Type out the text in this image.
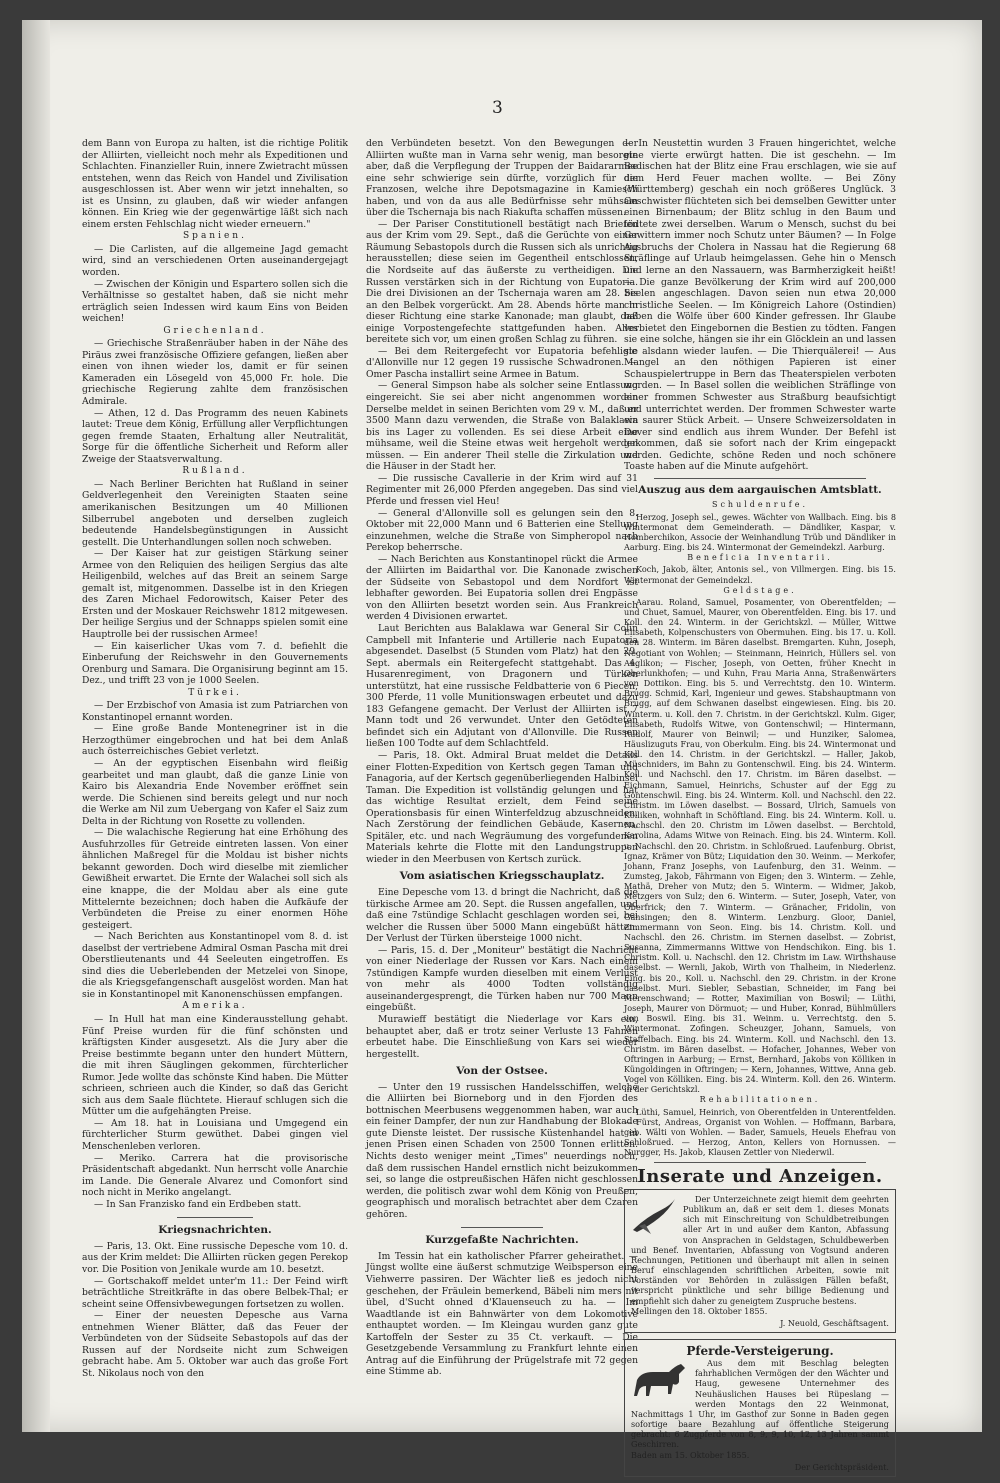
3

dem Bann von Europa zu halten, ist die richtige Politik der Alliirten, vielleicht noch mehr als Expeditionen und Schlachten. Finanzieller Ruin, innere Zwietracht müssen entstehen, wenn das Reich von Handel und Zivilisation ausgeschlossen ist. Aber wenn wir jetzt innehalten, so ist es Unsinn, zu glauben, daß wir wieder anfangen können. Ein Krieg wie der gegenwärtige läßt sich nach einem ersten Fehlschlag nicht wieder erneuern."

Spanien.

— Die Carlisten, auf die allgemeine Jagd gemacht wird, sind an verschiedenen Orten auseinandergejagt worden.

— Zwischen der Königin und Espartero sollen sich die Verhältnisse so gestaltet haben, daß sie nicht mehr erträglich seien Indessen wird kaum Eins von Beiden weichen!

Griechenland.

— Griechische Straßenräuber haben in der Nähe des Piräus zwei französische Offiziere gefangen, ließen aber einen von ihnen wieder los, damit er für seinen Kameraden ein Lösegeld von 45,000 Fr. hole. Die griechische Regierung zahlte dem französischen Admirale.

— Athen, 12 d. Das Programm des neuen Kabinets lautet: Treue dem König, Erfüllung aller Verpflichtungen gegen fremde Staaten, Erhaltung aller Neutralität, Sorge für die öffentliche Sicherheit und Reform aller Zweige der Staatsverwaltung.

Rußland.

— Nach Berliner Berichten hat Rußland in seiner Geldverlegenheit den Vereinigten Staaten seine amerikanischen Besitzungen um 40 Millionen Silberrubel angeboten und derselben zugleich bedeutende Handelsbegünstigungen in Aussicht gestellt. Die Unterhandlungen sollen noch schweben.

— Der Kaiser hat zur geistigen Stärkung seiner Armee von den Reliquien des heiligen Sergius das alte Heiligenbild, welches auf das Breit an seinem Sarge gemalt ist, mitgenommen. Dasselbe ist in den Kriegen des Zaren Michael Fedorowitsch, Kaiser Peter des Ersten und der Moskauer Reichswehr 1812 mitgewesen. Der heilige Sergius und der Schnapps spielen somit eine Hauptrolle bei der russischen Armee!

— Ein kaiserlicher Ukas vom 7. d. befiehlt die Einberufung der Reichswehr in den Gouvernements Orenburg und Samara. Die Organisirung beginnt am 15. Dez., und trifft 23 von je 1000 Seelen.

Türkei.

— Der Erzbischof von Amasia ist zum Patriarchen von Konstantinopel ernannt worden.

— Eine große Bande Montenegriner ist in die Herzogthümer eingebrochen und hat bei dem Anlaß auch österreichisches Gebiet verletzt.

— An der egyptischen Eisenbahn wird fleißig gearbeitet und man glaubt, daß die ganze Linie von Kairo bis Alexandria Ende November eröffnet sein werde. Die Schienen sind bereits gelegt und nur noch die Werke am Nil zum Uebergang von Kafer el Saiz zum Delta in der Richtung von Rosette zu vollenden.

— Die walachische Regierung hat eine Erhöhung des Ausfuhrzolles für Getreide eintreten lassen. Von einer ähnlichen Maßregel für die Moldau ist bisher nichts bekannt geworden. Doch wird dieselbe mit ziemlicher Gewißheit erwartet. Die Ernte der Walachei soll sich als eine knappe, die der Moldau aber als eine gute Mittelernte bezeichnen; doch haben die Aufkäufe der Verbündeten die Preise zu einer enormen Höhe gesteigert.

— Nach Berichten aus Konstantinopel vom 8. d. ist daselbst der vertriebene Admiral Osman Pascha mit drei Oberstlieutenants und 44 Seeleuten eingetroffen. Es sind dies die Ueberlebenden der Metzelei von Sinope, die als Kriegsgefangenschaft ausgelöst worden. Man hat sie in Konstantinopel mit Kanonenschüssen empfangen.

Amerika.

— In Hull hat man eine Kinderausstellung gehabt. Fünf Preise wurden für die fünf schönsten und kräftigsten Kinder ausgesetzt. Als die Jury aber die Preise bestimmte begann unter den hundert Müttern, die mit ihren Säuglingen gekommen, fürchterlicher Rumor. Jede wollte das schönste Kind haben. Die Mütter schrieen, schrieen auch die Kinder, so daß das Gericht sich aus dem Saale flüchtete. Hierauf schlugen sich die Mütter um die aufgehängten Preise.

— Am 18. hat in Louisiana und Umgegend ein fürchterlicher Sturm gewüthet. Dabei gingen viel Menschenleben verloren.

— Meriko. Carrera hat die provisorische Präsidentschaft abgedankt. Nun herrscht volle Anarchie im Lande. Die Generale Alvarez und Comonfort sind noch nicht in Meriko angelangt.

— In San Franzisko fand ein Erdbeben statt.

Kriegsnachrichten.

— Paris, 13. Okt. Eine russische Depesche vom 10. d. aus der Krim meldet: Die Alliirten rücken gegen Perekop vor. Die Position von Jenikale wurde am 10. besetzt.

— Gortschakoff meldet unter'm 11.: Der Feind wirft beträchtliche Streitkräfte in das obere Belbek-Thal; er scheint seine Offensivbewegungen fortsetzen zu wollen.

— Einer der neuesten Depesche aus Varna entnehmen Wiener Blätter, daß das Feuer der Verbündeten von der Südseite Sebastopols auf das der Russen auf der Nordseite nicht zum Schweigen gebracht habe. Am 5. Oktober war auch das große Fort St. Nikolaus noch von den

den Verbündeten besetzt. Von den Bewegungen der Alliirten wußte man in Varna sehr wenig, man besorgte aber, daß die Verpflegung der Truppen der Baidararmee eine sehr schwierige sein dürfte, vorzüglich für die Franzosen, welche ihre Depotsmagazine in Kamiesch haben, und von da aus alle Bedürfnisse sehr mühsam über die Tschernaja bis nach Riakufta schaffen müssen.

— Der Pariser Constitutionell bestätigt nach Briefen aus der Krim vom 29. Sept., daß die Gerüchte von einer Räumung Sebastopols durch die Russen sich als unrichtig herausstellen; diese seien im Gegentheil entschlossen, die Nordseite auf das äußerste zu vertheidigen. Die Russen verstärken sich in der Richtung von Eupatoria. Die drei Divisionen an der Tschernaja waren am 28. bis an den Belbek vorgerückt. Am 28. Abends hörte man in dieser Richtung eine starke Kanonade; man glaubt, daß einige Vorpostengefechte stattgefunden haben. Alles bereitete sich vor, um einen großen Schlag zu führen.

— Bei dem Reitergefecht vor Eupatoria befehligte d'Allonville nur 12 gegen 19 russische Schwadronen. — Omer Pascha installirt seine Armee in Batum.

— General Simpson habe als solcher seine Entlassung eingereicht. Sie sei aber nicht angenommen worden Derselbe meldet in seinen Berichten vom 29 v. M., daß er 3500 Mann dazu verwenden, die Straße von Balaklawa bis ins Lager zu vollenden. Es sei diese Arbeit eine mühsame, weil die Steine etwas weit hergeholt werden müssen. — Ein anderer Theil stelle die Zirkulation und die Häuser in der Stadt her.

— Die russische Cavallerie in der Krim wird auf 31 Regimenter mit 26,000 Pferden angegeben. Das sind viel Pferde und fressen viel Heu!

— General d'Allonville soll es gelungen sein den 8. Oktober mit 22,000 Mann und 6 Batterien eine Stellung einzunehmen, welche die Straße von Simpheropol nach Perekop beherrsche.

— Nach Berichten aus Konstantinopel rückt die Armee der Alliirten im Baidarthal vor. Die Kanonade zwischen der Südseite von Sebastopol und dem Nordfort ist lebhafter geworden. Bei Eupatoria sollen drei Engpässe von den Alliirten besetzt worden sein. Aus Frankreich werden 4 Divisionen erwartet.

Laut Berichten aus Balaklawa war General Sir Colin Campbell mit Infanterie und Artillerie nach Eupatoria abgesendet. Daselbst (5 Stunden vom Platz) hat den 29. Sept. abermals ein Reitergefecht stattgehabt. Das 4. Husarenregiment, von Dragonern und Türken unterstützt, hat eine russische Feldbatterie von 6 Piecen, 300 Pferde, 11 volle Munitionswagen erbeutet und dazu 183 Gefangene gemacht. Der Verlust der Alliirten ist 7 Mann todt und 26 verwundet. Unter den Getödteten befindet sich ein Adjutant von d'Allonville. Die Russen ließen 100 Todte auf dem Schlachtfeld.

— Paris, 18. Okt. Admiral Bruat meldet die Details einer Flotten-Expedition von Kertsch gegen Taman und Fanagoria, auf der Kertsch gegenüberliegenden Halbinsel Taman. Die Expedition ist vollständig gelungen und hat das wichtige Resultat erzielt, dem Feind seine Operationsbasis für einen Winterfeldzug abzuschneiden. Nach Zerstörung der feindlichen Gebäude, Kasernen, Spitäler, etc. und nach Wegräumung des vorgefundenen Materials kehrte die Flotte mit den Landungstruppen wieder in den Meerbusen von Kertsch zurück.

Vom asiatischen Kriegsschauplatz.

Eine Depesche vom 13. d bringt die Nachricht, daß die türkische Armee am 20. Sept. die Russen angefallen, und daß eine 7stündige Schlacht geschlagen worden sei, bei welcher die Russen über 5000 Mann eingebüßt hätten. Der Verlust der Türken übersteige 1000 nicht.

— Paris, 15. d. Der „Moniteur" bestätigt die Nachricht von einer Niederlage der Russen vor Kars. Nach einem 7stündigen Kampfe wurden dieselben mit einem Verlust von mehr als 4000 Todten vollständig auseinandergesprengt, die Türken haben nur 700 Mann eingebüßt.

Murawieff bestätigt die Niederlage vor Kars ein, behauptet aber, daß er trotz seiner Verluste 13 Fahnen erbeutet habe. Die Einschließung von Kars sei wieder hergestellt.

Von der Ostsee.

— Unter den 19 russischen Handelsschiffen, welche die Alliirten bei Biorneborg und in den Fjorden des bottnischen Meerbusens weggenommen haben, war auch ein feiner Dampfer, der nun zur Handhabung der Blokade gute Dienste leistet. Der russische Küstenhandel hat in jenen Prisen einen Schaden von 2500 Tonnen erlitten. Nichts desto weniger meint „Times" neuerdings noch, daß dem russischen Handel ernstlich nicht beizukommen sei, so lange die ostpreußischen Häfen nicht geschlossen werden, die politisch zwar wohl dem König von Preußen, geographisch und moralisch betrachtet aber dem Czaren gehören.

Kurzgefaßte Nachrichten.

Im Tessin hat ein katholischer Pfarrer geheirathet. — Jüngst wollte eine äußerst schmutzige Weibsperson eine Viehwerre passiren. Der Wächter ließ es jedoch nicht geschehen, der Fräulein bemerkend, Bäbeli nim mers nit übel, d'Sucht ohned d'Klauenseuch zu ha. — Im Waadtlande ist ein Bahnwärter von dem Lokomotive enthauptet worden. — Im Kleingau wurden ganz gute Kartoffeln der Sester zu 35 Ct. verkauft. — Die Gesetzgebende Versammlung zu Frankfurt lehnte einen Antrag auf die Einführung der Prügelstrafe mit 72 gegen eine Stimme ab.

— In Neustettin wurden 3 Frauen hingerichtet, welche eine vierte erwürgt hatten. Die ist geschehn. — Im Badischen hat der Blitz eine Frau erschlagen, wie sie auf dem Herd Feuer machen wollte. — Bei Zöny (Württemberg) geschah ein noch größeres Unglück. 3 Geschwister flüchteten sich bei demselben Gewitter unter einen Birnenbaum; der Blitz schlug in den Baum und tödtete zwei derselben. Warum o Mensch, suchst du bei Gewittern immer noch Schutz unter Bäumen? — In Folge Ausbruchs der Cholera in Nassau hat die Regierung 68 Sträflinge auf Urlaub heimgelassen. Gehe hin o Mensch und lerne an den Nassauern, was Barmherzigkeit heißt! — Die ganze Bevölkerung der Krim wird auf 200,000 Seelen angeschlagen. Davon seien nun etwa 20,000 christliche Seelen. — Im Königreich Lahore (Ostindien) haben die Wölfe über 600 Kinder gefressen. Ihr Glaube verbietet den Eingebornen die Bestien zu tödten. Fangen sie eine solche, hängen sie ihr ein Glöcklein an und lassen sie alsdann wieder laufen. — Die Thierquälerei! — Aus Mangel an den nöthigen Papieren ist einer Schauspielertruppe in Bern das Theaterspielen verboten worden. — In Basel sollen die weiblichen Sträflinge von einer frommen Schwester aus Straßburg beaufsichtigt und unterrichtet werden. Der frommen Schwester warte ein saurer Stück Arbeit. — Unsere Schweizersoldaten in Dover sind endlich aus ihrem Wunder. Der Befehl ist gekommen, daß sie sofort nach der Krim eingepackt werden. Gedichte, schöne Reden und noch schönere Toaste haben auf die Minute aufgehört.

Auszug aus dem aargauischen Amtsblatt.
Schuldenrufe.

Herzog, Joseph sel., gewes. Wächter von Wallbach. Eing. bis 8 Wintermonat dem Gemeinderath. — Dändliker, Kaspar, v. Homberchikon, Associe der Weinhandlung Trüb und Dändliker in Aarburg. Eing. bis 24. Wintermonat der Gemeindekzl. Aarburg.

Beneficia Inventarii.

Koch, Jakob, älter, Antonis sel., von Villmergen. Eing. bis 15. Wintermonat der Gemeindekzl.

Geldstage.

Aarau. Roland, Samuel, Posamenter, von Oberentfelden; — und Chuet, Samuel, Maurer, von Oberentfelden. Eing. bis 17. und Koll. den 24. Winterm. in der Gerichtskzl. — Müller, Wittwe Elisabeth, Kolpenschusters von Obermuhen. Eing. bis 17. u. Koll. den 28. Winterm. im Bären daselbst. Bremgarten. Kuhn, Joseph, Negotiant von Wohlen; — Steinmann, Heinrich, Hüllers sel. von Anglikon; — Fischer, Joseph, von Oetten, früher Knecht in Oberlunkhofen; — und Kuhn, Frau Maria Anna, Straßenwärters von Dottikon. Eing. bis 5. und Verrechtstg. den 10. Winterm. Brugg. Schmid, Karl, Ingenieur und gewes. Stabshauptmann von Brugg, auf dem Schwanen daselbst eingewiesen. Eing. bis 20. Winterm. u. Koll. den 7. Christm. in der Gerichtskzl. Kulm. Giger, Elisabeth, Rudolfs Witwe, von Gontenschwil; — Hintermann, Rudolf, Maurer von Beinwil; — und Hunziker, Salomea, Häuslizuguts Frau, von Oberkulm. Eing. bis 24. Wintermonat und Koll. den 14. Christm. in der Gerichtskzl. — Haller, Jakob, Müschniders, im Bahn zu Gontenschwil. Eing. bis 24. Winterm. Koll. und Nachschl. den 17. Christm. im Bären daselbst. — Eichmann, Samuel, Heinrichs, Schuster auf der Egg zu Gontenschwil. Eing. bis 24. Winterm. Koll. und Nachschl. den 22. Christm. im Löwen daselbst. — Bossard, Ulrich, Samuels von Kölliken, wohnhaft in Schöftland. Eing. bis 24. Winterm. Koll. u. Nachschl. den 20. Christm im Löwen daselbst. — Berchtold, Karolina, Adams Witwe von Reinach. Eing. bis 24. Winterm. Koll. u. Nachschl. den 20. Christm. in Schloßrued. Laufenburg. Obrist, Ignaz, Krämer von Bütz; Liquidation den 30. Weinm. — Merkofer, Johann, Franz Josephs, von Laufenburg, den 31. Weinm. — Zumsteg, Jakob, Fährmann von Eigen; den 3. Winterm. — Zehle, Mathä, Dreher von Mutz; den 5. Winterm. — Widmer, Jakob, Metzgers von Sulz; den 6. Winterm. — Suter, Joseph, Vater, von Oberfrick; den 7. Winterm. — Gränacher, Fridolin, von Gansingen; den 8. Winterm. Lenzburg. Gloor, Daniel, Zimmermann von Seon. Eing. bis 14. Christm. Koll. und Nachschl. den 26. Christm. im Sternen daselbst. — Zobrist, Susanna, Zimmermanns Wittwe von Hendschikon. Eing. bis 1. Christm. Koll. u. Nachschl. den 12. Christm im Law. Wirthshause daselbst. — Wernli, Jakob, Wirth von Thalheim, in Niederlenz. Eing. bis 20., Koll. u. Nachschl. den 29. Christm. in der Krone daselbst. Muri. Siebler, Sebastian, Schneider, im Fang bei Merenschwand; — Rotter, Maximilian von Boswil; — Lüthi, Joseph, Maurer von Dörmuot; — und Huber, Konrad, Bühlmüllers von Boswil. Eing. bis 31. Weinm. u. Verrechtstg. den 5. Wintermonat. Zofingen. Scheuzger, Johann, Samuels, von Staffelbach. Eing. bis 24. Winterm. Koll. und Nachschl. den 13. Christm. im Bären daselbst. — Hofacher, Johannes, Weber von Oftringen in Aarburg; — Ernst, Bernhard, Jakobs von Kölliken in Küngoldingen in Oftringen; — Kern, Johannes, Wittwe, Anna geb. Vogel von Kölliken. Eing. bis 24. Winterm. Koll. den 26. Winterm. in der Gerichtskzl.

Rehabilitationen.

Lüthi, Samuel, Heinrich, von Oberentfelden in Unterentfelden. — Fürst, Andreas, Organist von Wohlen. — Hoffmann, Barbara, geb. Wälti von Wohlen. — Bader, Samuels, Heuels Ehefrau von Schloßrued. — Herzog, Anton, Kellers von Hornussen. — Nurgger, Hs. Jakob, Klausen Zettler von Niederwil.

Inserate und Anzeigen.

Der Unterzeichnete zeigt hiemit dem geehrten Publikum an, daß er seit dem 1. dieses Monats sich mit Einschreitung von Schuldbetreibungen aller Art in und außer dem Kanton, Abfassung von Ansprachen in Geldstagen, Schuldbewerben und Benef. Inventarien, Abfassung von Vogtsund anderen Rechnungen, Petitionen und überhaupt mit allen in seinen Beruf einschlagenden schriftlichen Arbeiten, sowie mit Vorständen vor Behörden in zulässigen Fällen befaßt, verspricht pünktliche und sehr billige Bedienung und empfiehlt sich daher zu geneigtem Zuspruche bestens.

Mellingen den 18. Oktober 1855.
J. Neuold, Geschäftsagent.
Pferde-Versteigerung.

Aus dem mit Beschlag belegten fahrhablichen Vermögen der den Wächter und Haug, gewesene Unternehmer des Neuhäuslichen Hauses bei Rüpeslang — werden Montags den 22 Weinmonat, Nachmittags 1 Uhr, im Gasthof zur Sonne in Baden gegen sofortige baare Bezahlung auf öffentliche Steigerung gebracht: 6 Zugpferde von 8, 9, 9, 10, 12, 13 Jahren sammt Geschirren.

Baden am 15. Oktober 1855.
Der Gerichtspräsident.
